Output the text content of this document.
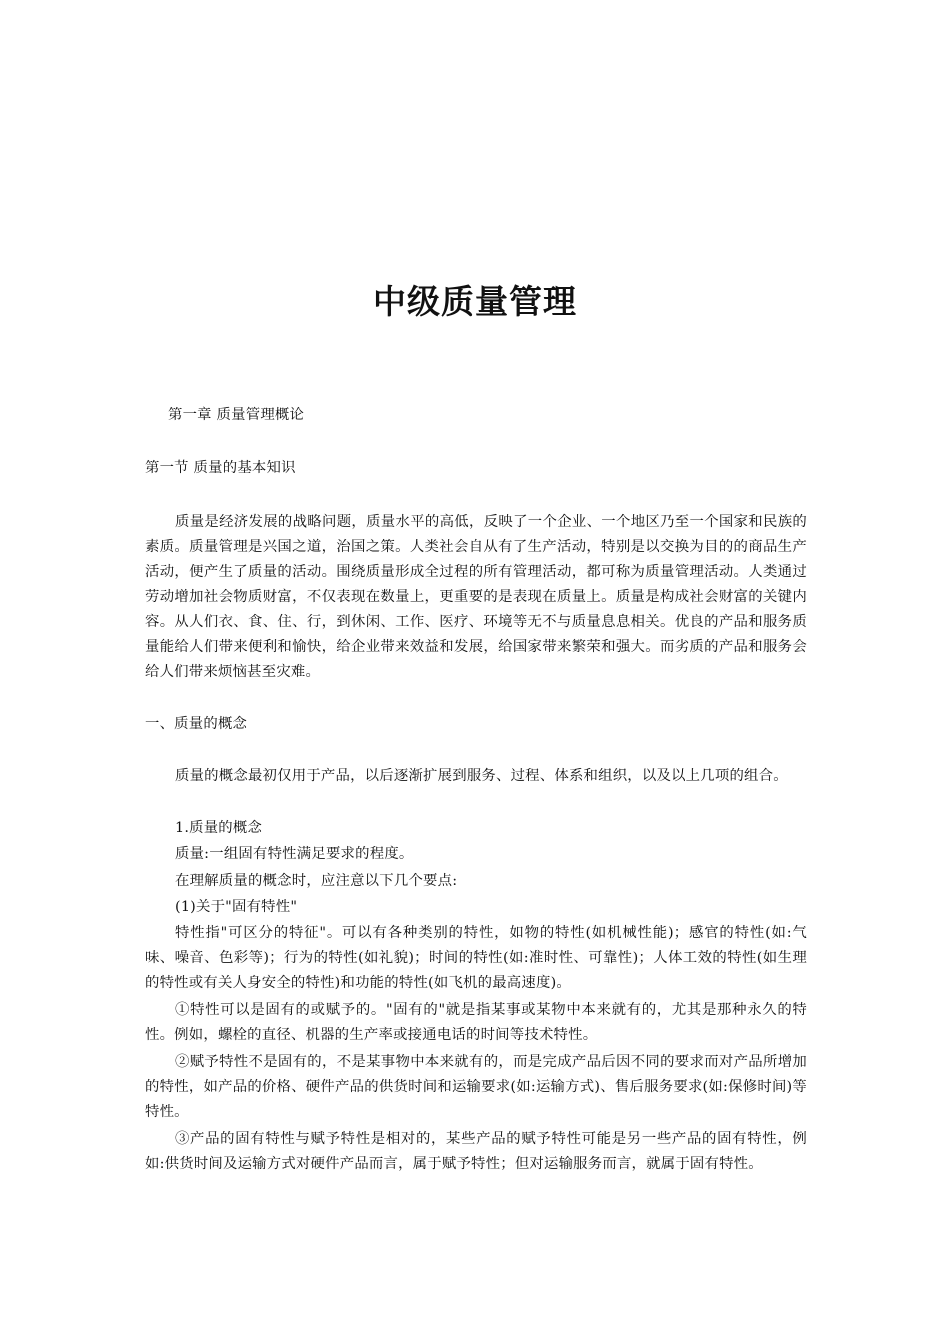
中级质量管理

第一章 质量管理概论

第一节 质量的基本知识

质量是经济发展的战略问题，质量水平的高低，反映了一个企业、一个地区乃至一个国家和民族的素质。质量管理是兴国之道，治国之策。人类社会自从有了生产活动，特别是以交换为目的的商品生产活动，便产生了质量的活动。围绕质量形成全过程的所有管理活动，都可称为质量管理活动。人类通过劳动增加社会物质财富，不仅表现在数量上，更重要的是表现在质量上。质量是构成社会财富的关键内容。从人们衣、食、住、行，到休闲、工作、医疗、环境等无不与质量息息相关。优良的产品和服务质量能给人们带来便利和愉快，给企业带来效益和发展，给国家带来繁荣和强大。而劣质的产品和服务会给人们带来烦恼甚至灾难。

一、质量的概念

质量的概念最初仅用于产品，以后逐渐扩展到服务、过程、体系和组织，以及以上几项的组合。

1.质量的概念

质量:一组固有特性满足要求的程度。

在理解质量的概念时，应注意以下几个要点:

(1)关于"固有特性"

特性指"可区分的特征"。可以有各种类别的特性，如物的特性(如机械性能)；感官的特性(如:气味、噪音、色彩等)；行为的特性(如礼貌)；时间的特性(如:准时性、可靠性)；人体工效的特性(如生理的特性或有关人身安全的特性)和功能的特性(如飞机的最高速度)。

①特性可以是固有的或赋予的。"固有的"就是指某事或某物中本来就有的，尤其是那种永久的特性。例如，螺栓的直径、机器的生产率或接通电话的时间等技术特性。

②赋予特性不是固有的，不是某事物中本来就有的，而是完成产品后因不同的要求而对产品所增加的特性，如产品的价格、硬件产品的供货时间和运输要求(如:运输方式)、售后服务要求(如:保修时间)等特性。

③产品的固有特性与赋予特性是相对的，某些产品的赋予特性可能是另一些产品的固有特性，例如:供货时间及运输方式对硬件产品而言，属于赋予特性；但对运输服务而言，就属于固有特性。
